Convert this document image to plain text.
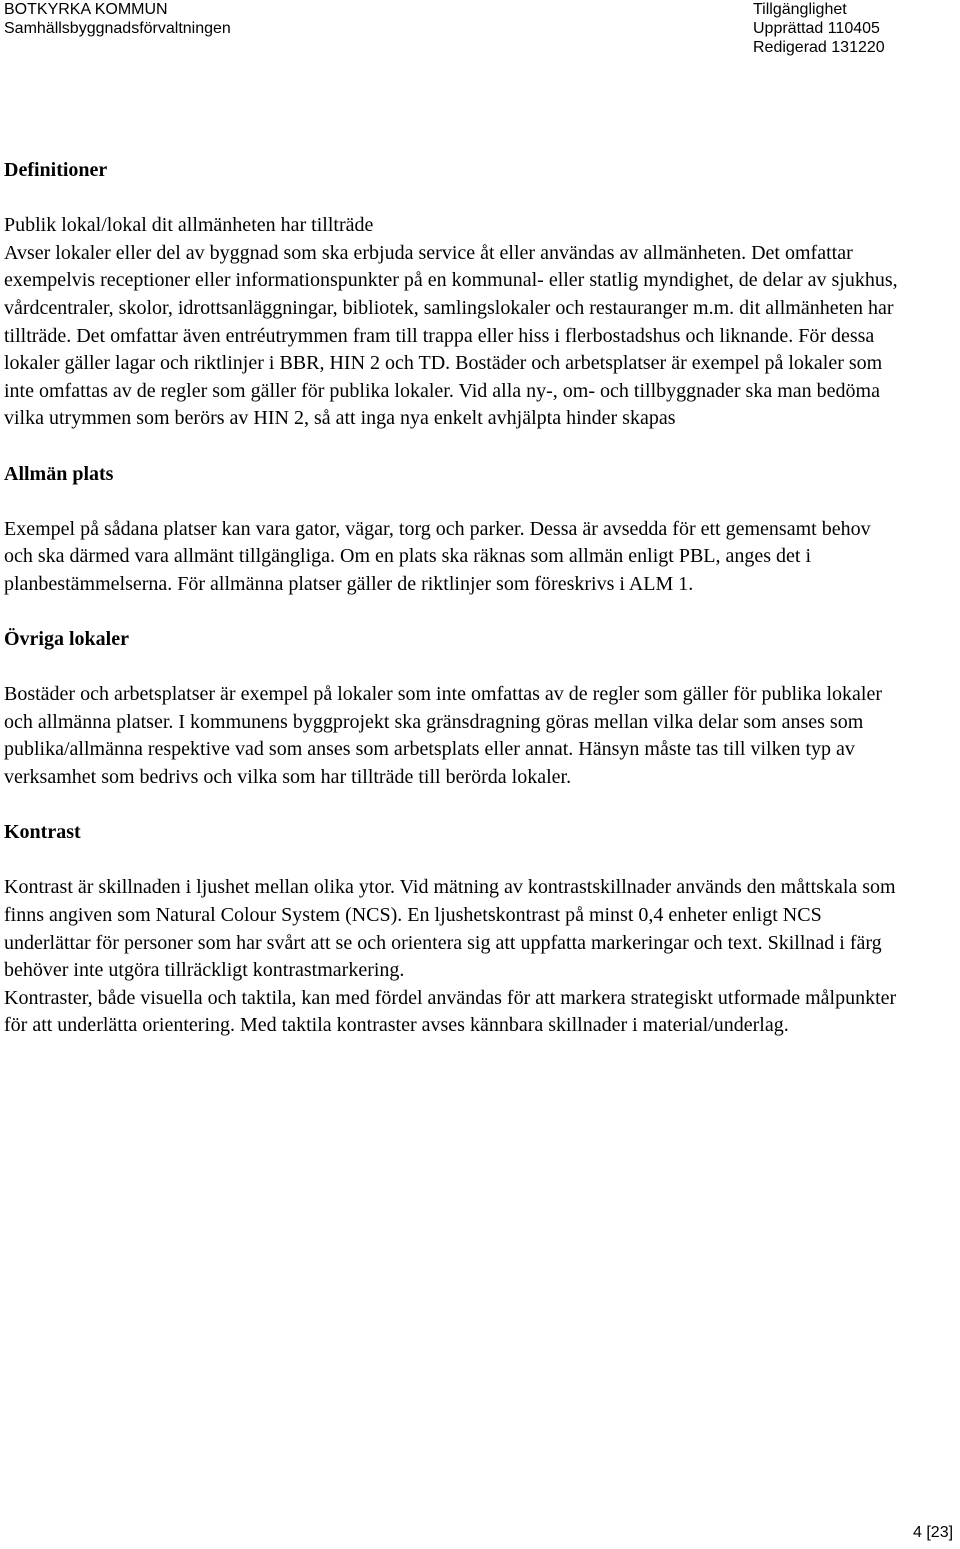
BOTKYRKA KOMMUN
Samhällsbyggnadsförvaltningen
Tillgänglighet
Upprättad 110405
Redigerad 131220

Definitioner

Publik lokal/lokal dit allmänheten har tillträde

Avser lokaler eller del av byggnad som ska erbjuda service åt eller användas av allmänheten. Det omfattar exempelvis receptioner eller informationspunkter på en kommunal- eller statlig myndighet, de delar av sjukhus, vårdcentraler, skolor, idrottsanläggningar, bibliotek, samlingslokaler och restauranger m.m. dit allmänheten har tillträde. Det omfattar även entréutrymmen fram till trappa eller hiss i flerbostadshus och liknande. För dessa lokaler gäller lagar och riktlinjer i BBR, HIN 2 och TD. Bostäder och arbetsplatser är exempel på lokaler som inte omfattas av de regler som gäller för publika lokaler. Vid alla ny-, om- och tillbyggnader ska man bedöma vilka utrymmen som berörs av HIN 2, så att inga nya enkelt avhjälpta hinder skapas

Allmän plats

Exempel på sådana platser kan vara gator, vägar, torg och parker. Dessa är avsedda för ett gemensamt behov och ska därmed vara allmänt tillgängliga. Om en plats ska räknas som allmän enligt PBL, anges det i planbestämmelserna. För allmänna platser gäller de riktlinjer som föreskrivs i ALM 1.

Övriga lokaler

Bostäder och arbetsplatser är exempel på lokaler som inte omfattas av de regler som gäller för publika lokaler och allmänna platser. I kommunens byggprojekt ska gränsdragning göras mellan vilka delar som anses som publika/allmänna respektive vad som anses som arbetsplats eller annat. Hänsyn måste tas till vilken typ av verksamhet som bedrivs och vilka som har tillträde till berörda lokaler.

Kontrast

Kontrast är skillnaden i ljushet mellan olika ytor. Vid mätning av kontrastskillnader används den måttskala som finns angiven som Natural Colour System (NCS). En ljushetskontrast på minst 0,4 enheter enligt NCS underlättar för personer som har svårt att se och orientera sig att uppfatta markeringar och text. Skillnad i färg behöver inte utgöra tillräckligt kontrastmarkering.

Kontraster, både visuella och taktila, kan med fördel användas för att markera strategiskt utformade målpunkter för att underlätta orientering. Med taktila kontraster avses kännbara skillnader i material/underlag.

4 [23]
